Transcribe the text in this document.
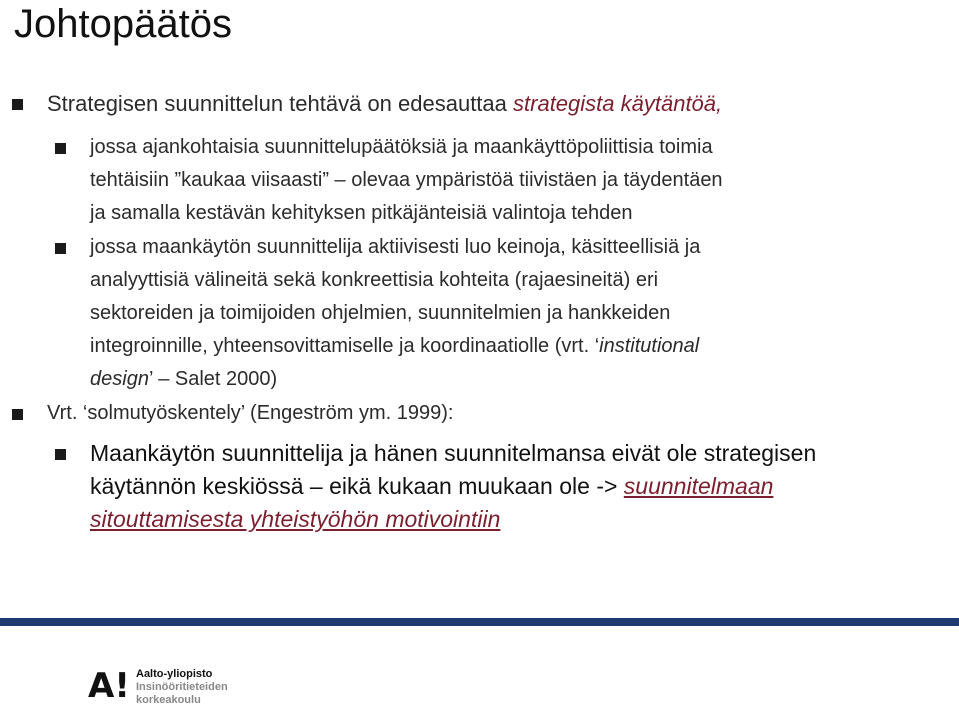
Johtopäätös
Strategisen suunnittelun tehtävä on edesauttaa strategista käytäntöä,
jossa ajankohtaisia suunnittelupäätöksiä ja maankäyttöpoliittisia toimia
tehtäisiin ”kaukaa viisaasti” – olevaa ympäristöä tiivistäen ja täydentäen
ja samalla kestävän kehityksen pitkäjänteisiä valintoja tehden
jossa maankäytön suunnittelija aktiivisesti luo keinoja, käsitteellisiä ja
analyyttisiä välineitä sekä konkreettisia kohteita (rajaesineitä) eri
sektoreiden ja toimijoiden ohjelmien, suunnitelmien ja hankkeiden
integroinnille, yhteensovittamiselle ja koordinaatiolle (vrt. ‘institutional
design’ – Salet 2000)
Vrt. ‘solmutyöskentely’ (Engeström ym. 1999):
Maankäytön suunnittelija ja hänen suunnitelmansa eivät ole strategisen
käytännön keskiössä – eikä kukaan muukaan ole -> suunnitelmaan
sitouttamisesta yhteistyöhön motivointiin
A! Aalto-yliopisto
Insinööritieteiden
korkeakoulu
